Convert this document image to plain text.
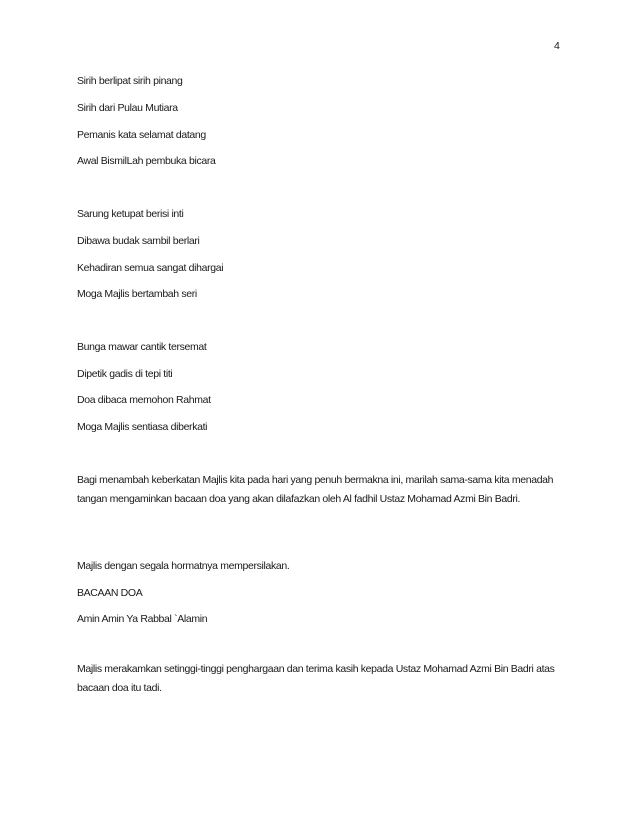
4
Sirih berlipat sirih pinang
Sirih dari Pulau Mutiara
Pemanis kata selamat datang
Awal BismilLah pembuka bicara
Sarung ketupat berisi inti
Dibawa budak sambil berlari
Kehadiran semua sangat dihargai
Moga Majlis bertambah seri
Bunga mawar cantik tersemat
Dipetik gadis di tepi titi
Doa dibaca memohon Rahmat
Moga Majlis sentiasa diberkati
Bagi menambah keberkatan Majlis kita pada hari yang penuh bermakna ini, marilah sama-sama kita menadah tangan mengaminkan bacaan doa yang akan dilafazkan oleh Al fadhil Ustaz Mohamad Azmi Bin Badri.
Majlis dengan segala hormatnya mempersilakan.
BACAAN DOA
Amin Amin Ya Rabbal `Alamin
Majlis merakamkan setinggi-tinggi penghargaan dan terima kasih kepada Ustaz Mohamad Azmi Bin Badri atas bacaan doa itu tadi.
